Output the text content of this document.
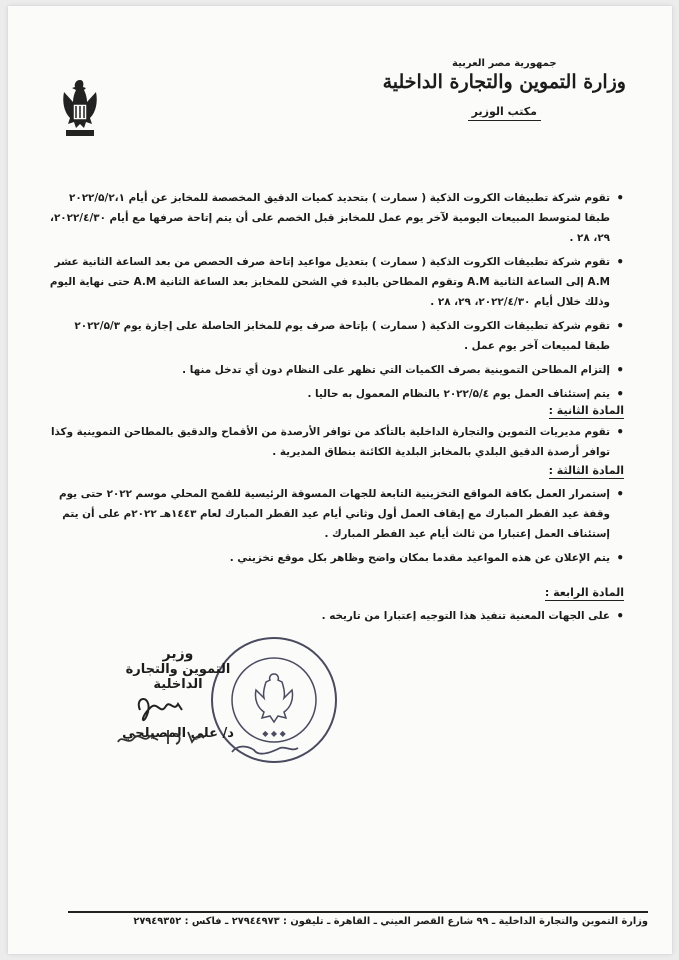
جمهورية مصر العربية
وزارة التموين والتجارة الداخلية
مكتب الوزير
• تقوم شركة تطبيقات الكروت الذكية ( سمارت ) بتحديد كميات الدقيق المخصصة للمخابز عن أيام ۲۰۲۲/۵/۲،۱ طبقا لمتوسط المبيعات اليومية لآخر يوم عمل للمخابز قبل الخصم على أن يتم إتاحة صرفها مع أيام ۲۰۲۲/٤/۳۰، ۲۹، ۲۸ .
• تقوم شركة تطبيقات الكروت الذكية ( سمارت ) بتعديل مواعيد إتاحة صرف الحصص من بعد الساعة الثانية عشر A.M إلى الساعة الثانية A.M وتقوم المطاحن بالبدء في الشحن للمخابز بعد الساعة الثانية A.M حتى نهاية اليوم وذلك خلال أيام ۲۰۲۲/٤/۳۰، ۲۹، ۲۸ .
• تقوم شركة تطبيقات الكروت الذكية ( سمارت ) بإتاحة صرف يوم للمخابز الحاصلة على إجازة يوم ۲۰۲۲/۵/۳ طبقا لمبيعات آخر يوم عمل .
• إلتزام المطاحن التموينية بصرف الكميات التي تظهر على النظام دون أي تدخل منها .
• يتم إستئناف العمل يوم ۲۰۲۲/۵/٤ بالنظام المعمول به حاليا .
المادة الثانية :
• تقوم مديريات التموين والتجارة الداخلية بالتأكد من توافر الأرصدة من الأقماح والدقيق بالمطاحن التموينية وكذا توافر أرصدة الدقيق البلدي بالمخابز البلدية الكائنة بنطاق المديرية .
المادة الثالثة :
• إستمرار العمل بكافة المواقع التخزينية التابعة للجهات المسوقة الرئيسية للقمح المحلي موسم ۲۰۲۲ حتى يوم وقفة عيد الفطر المبارك مع إيقاف العمل أول وثاني أيام عيد الفطر المبارك لعام ١٤٤٣هـ ۲۰۲۲م على أن يتم إستئناف العمل إعتبارا من ثالث أيام عيد الفطر المبارك .
• يتم الإعلان عن هذه المواعيد مقدما بمكان واضح وظاهر بكل موقع تخزيني .
المادة الرابعة :
• على الجهات المعنية تنفيذ هذا التوجيه إعتبارا من تاريخه .
◆ ◆ ◆
وزير
التموين والتجارة الداخلية
د/ علي المصيلحي
وزارة التموين والتجارة الداخلية ـ ٩٩ شارع القصر العيني ـ القاهرة ـ تليفون : ۲۷۹٤٤٩٧۳ ـ فاكس : ۲۷۹٤٩۳٥۲
